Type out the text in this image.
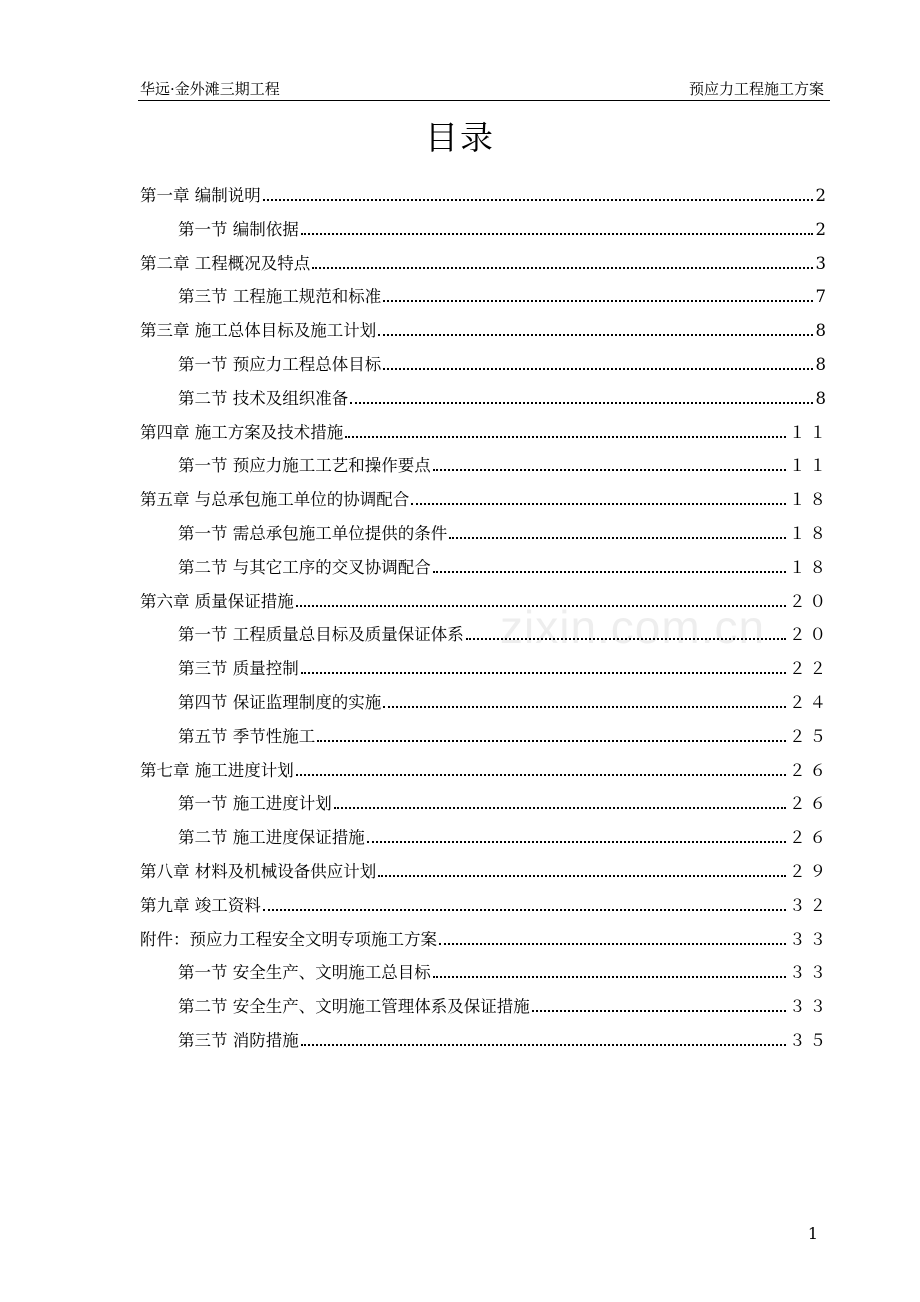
华远·金外滩三期工程	预应力工程施工方案
目录
zixin.com.cn
第一章 编制说明	2
第一节 编制依据	2
第二章 工程概况及特点	3
第三节 工程施工规范和标准	7
第三章 施工总体目标及施工计划	8
第一节 预应力工程总体目标	8
第二节 技术及组织准备	8
第四章 施工方案及技术措施	１１
第一节 预应力施工工艺和操作要点	１１
第五章 与总承包施工单位的协调配合	１８
第一节 需总承包施工单位提供的条件	１８
第二节 与其它工序的交叉协调配合	１８
第六章 质量保证措施	２０
第一节 工程质量总目标及质量保证体系	２０
第三节 质量控制	２２
第四节 保证监理制度的实施	２４
第五节 季节性施工	２５
第七章 施工进度计划	２６
第一节 施工进度计划	２６
第二节 施工进度保证措施	２６
第八章 材料及机械设备供应计划	２９
第九章 竣工资料	３２
附件：预应力工程安全文明专项施工方案	３３
第一节 安全生产、文明施工总目标	３３
第二节 安全生产、文明施工管理体系及保证措施	３３
第三节 消防措施	３５
1
